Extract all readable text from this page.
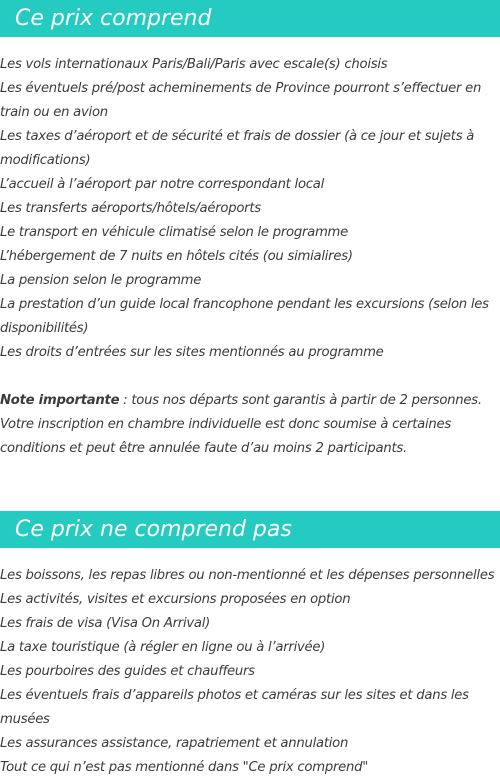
Ce prix comprend
Les vols internationaux Paris/Bali/Paris avec escale(s) choisis
Les éventuels pré/post acheminements de Province pourront s’effectuer en train ou en avion
Les taxes d’aéroport et de sécurité et frais de dossier (à ce jour et sujets à modifications)
L’accueil à l’aéroport par notre correspondant local
Les transferts aéroports/hôtels/aéroports
Le transport en véhicule climatisé selon le programme
L’hébergement de 7 nuits en hôtels cités (ou simialires)
La pension selon le programme
La prestation d’un guide local francophone pendant les excursions (selon les disponibilités)
Les droits d’entrées sur les sites mentionnés au programme

Note importante : tous nos départs sont garantis à partir de 2 personnes. Votre inscription en chambre individuelle est donc soumise à certaines conditions et peut être annulée faute d’au moins 2 participants.

Ce prix ne comprend pas
Les boissons, les repas libres ou non-mentionné et les dépenses personnelles
Les activités, visites et excursions proposées en option
Les frais de visa (Visa On Arrival)
La taxe touristique (à régler en ligne ou à l’arrivée)
Les pourboires des guides et chauffeurs
Les éventuels frais d’appareils photos et caméras sur les sites et dans les musées
Les assurances assistance, rapatriement et annulation
Tout ce qui n’est pas mentionné dans "Ce prix comprend"
